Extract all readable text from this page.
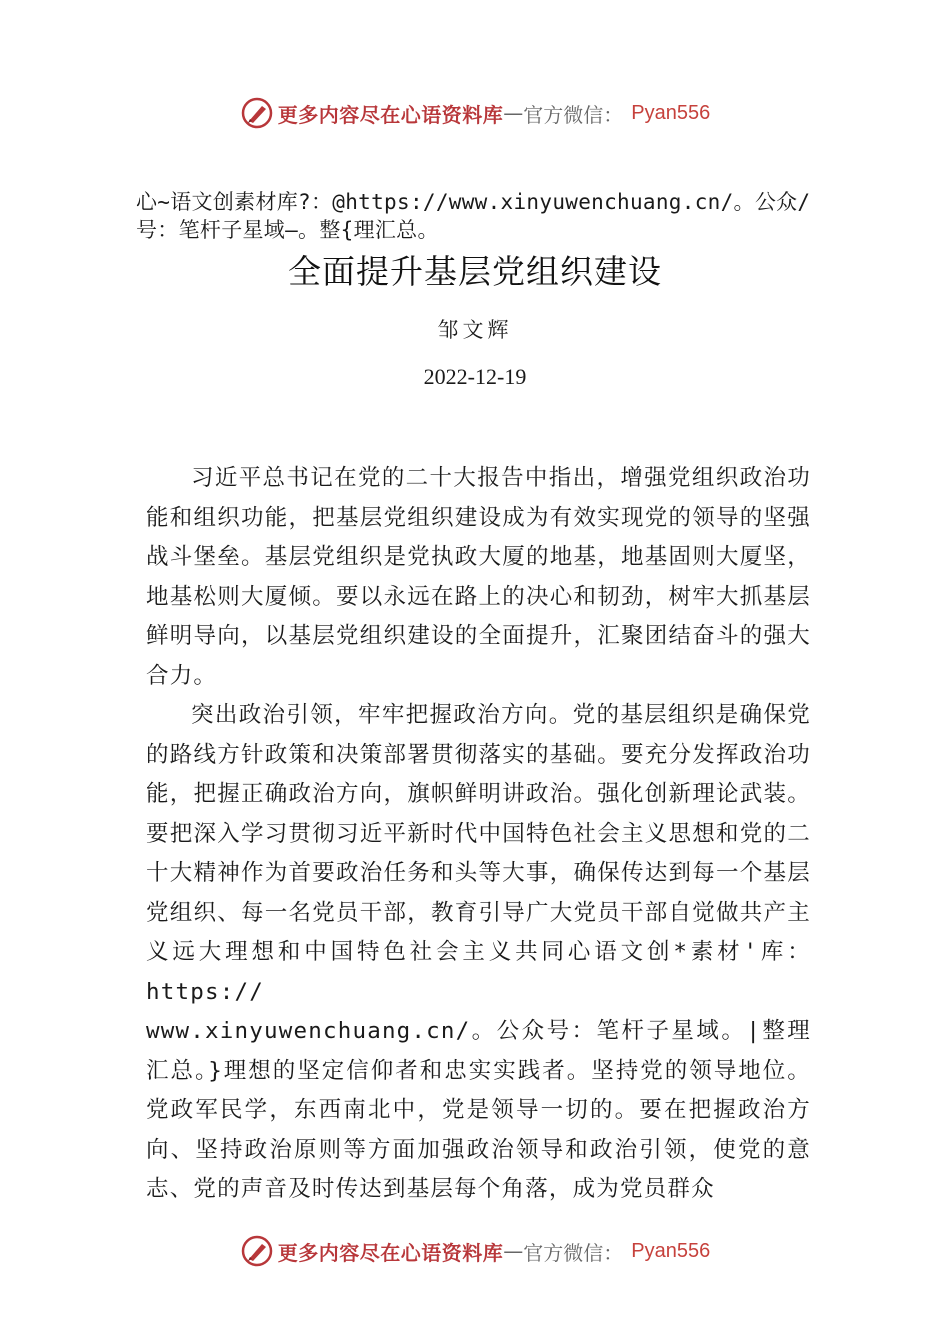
更多内容尽在心语资料库 — 官方微信： Pyan556
心~语文创素材库?：@https://www.xinyuwenchuang.cn/。公众/号：笔杆子星域—。整{理汇总。
全面提升基层党组织建设
邹文辉
2022-12-19

习近平总书记在党的二十大报告中指出，增强党组织政治功能和组织功能，把基层党组织建设成为有效实现党的领导的坚强战斗堡垒。基层党组织是党执政大厦的地基，地基固则大厦坚，地基松则大厦倾。要以永远在路上的决心和韧劲，树牢大抓基层鲜明导向，以基层党组织建设的全面提升，汇聚团结奋斗的强大合力。

突出政治引领，牢牢把握政治方向。党的基层组织是确保党的路线方针政策和决策部署贯彻落实的基础。要充分发挥政治功能，把握正确政治方向，旗帜鲜明讲政治。强化创新理论武装。要把深入学习贯彻习近平新时代中国特色社会主义思想和党的二十大精神作为首要政治任务和头等大事，确保传达到每一个基层党组织、每一名党员干部，教育引导广大党员干部自觉做共产主义远大理想和中国特色社会主义共同心语文创*素材'库：https://

www.xinyuwenchuang.cn/。公众号：笔杆子星域。|整理汇总。}理想的坚定信仰者和忠实实践者。坚持党的领导地位。党政军民学，东西南北中，党是领导一切的。要在把握政治方向、坚持政治原则等方面加强政治领导和政治引领，使党的意志、党的声音及时传达到基层每个角落，成为党员群众
更多内容尽在心语资料库 — 官方微信： Pyan556
